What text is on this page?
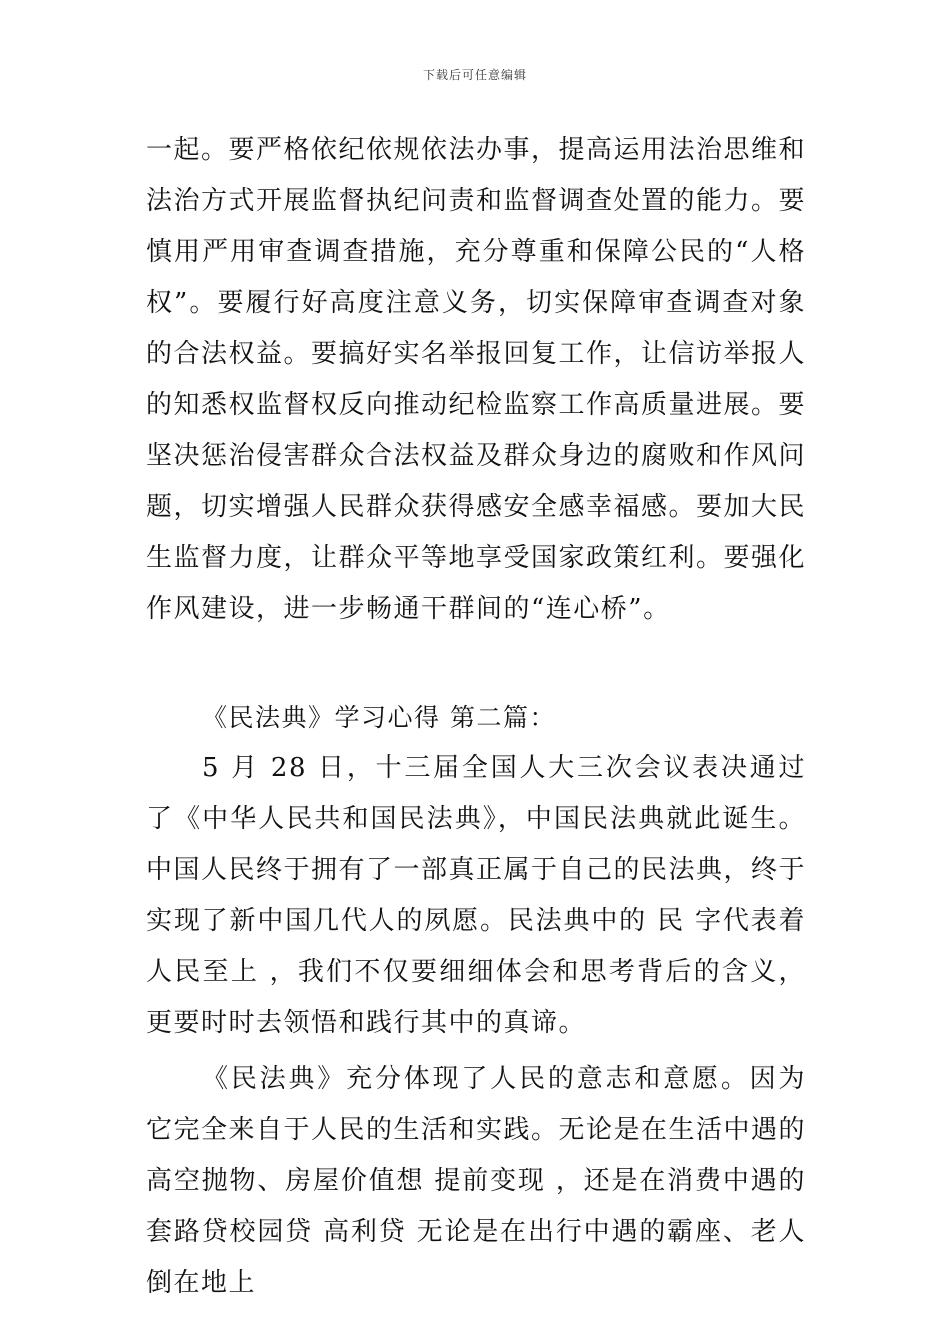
下载后可任意编辑

一起。要严格依纪依规依法办事，提高运用法治思维和法治方式开展监督执纪问责和监督调查处置的能力。要慎用严用审查调查措施，充分尊重和保障公民的“人格权”。要履行好高度注意义务，切实保障审查调查对象的合法权益。要搞好实名举报回复工作，让信访举报人的知悉权监督权反向推动纪检监察工作高质量进展。要坚决惩治侵害群众合法权益及群众身边的腐败和作风问题，切实增强人民群众获得感安全感幸福感。要加大民生监督力度，让群众平等地享受国家政策红利。要强化作风建设，进一步畅通干群间的“连心桥”。

《民法典》学习心得 第二篇：

5 月 28 日，十三届全国人大三次会议表决通过了《中华人民共和国民法典》，中国民法典就此诞生。中国人民终于拥有了一部真正属于自己的民法典，终于实现了新中国几代人的夙愿。民法典中的 民 字代表着 人民至上 ，我们不仅要细细体会和思考背后的含义，更要时时去领悟和践行其中的真谛。

《民法典》充分体现了人民的意志和意愿。因为它完全来自于人民的生活和实践。无论是在生活中遇的高空抛物、房屋价值想 提前变现 ，还是在消费中遇的 套路贷校园贷 高利贷 无论是在出行中遇的霸座、老人倒在地上
